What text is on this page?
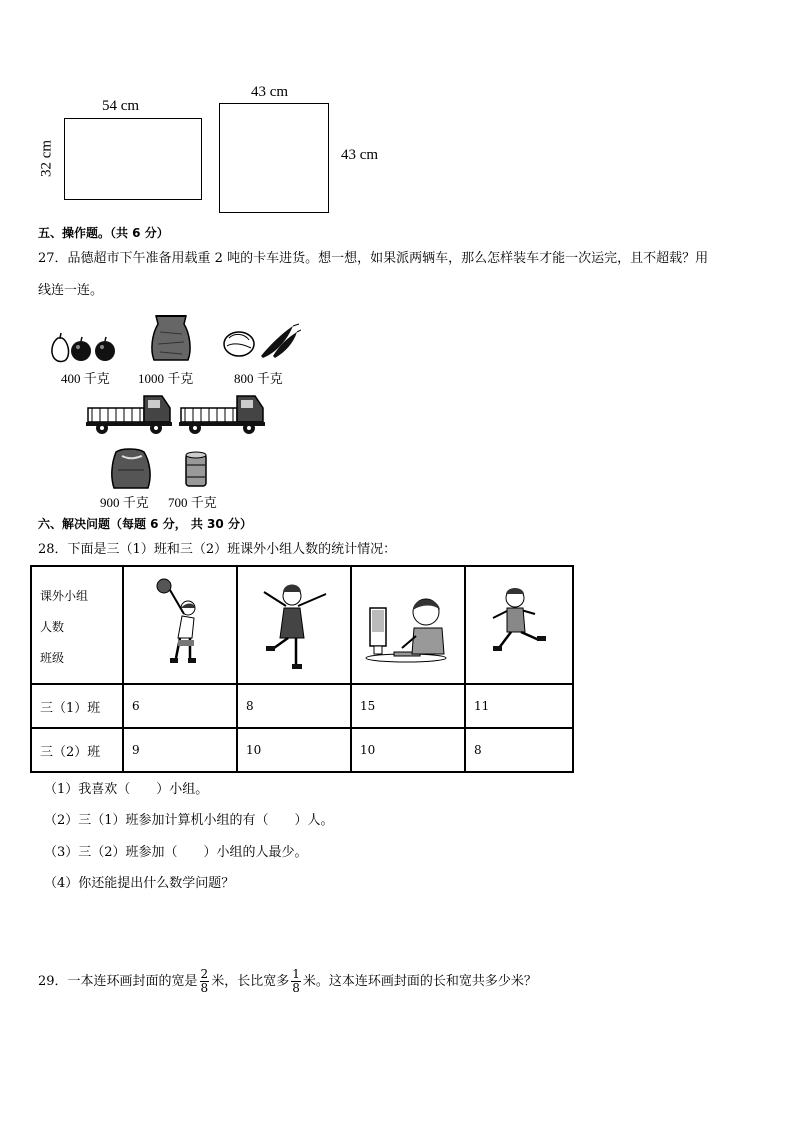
54 cm
32 cm
43 cm
43 cm
五、操作题。（共 6 分）
27．品德超市下午准备用载重 2 吨的卡车进货。想一想，如果派两辆车，那么怎样装车才能一次运完，且不超载？用
线连一连。
400 千克 1000 千克	800 千克
900 千克 700 千克
六、解决问题（每题 6 分， 共 30 分）
28．下面是三（1）班和三（2）班课外小组人数的统计情况：
课外小组
人数
班级

三（1）班	6	8	15	11
三（2）班	9	10	10	8
（1）我喜欢（　　）小组。
（2）三（1）班参加计算机小组的有（　　）人。
（3）三（2）班参加（　　）小组的人最少。
（4）你还能提出什么数学问题？
29．一本连环画封面的宽是 $\frac{2}{8}$ 米，长比宽多 $\frac{1}{8}$ 米。这本连环画封面的长和宽共多少米？
